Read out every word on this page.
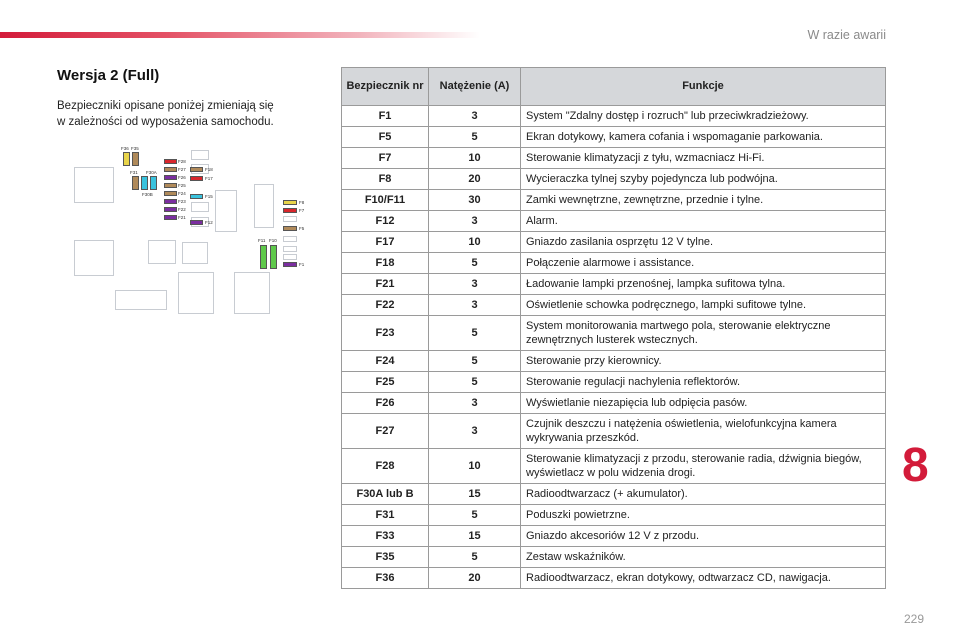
W razie awarii
Wersja 2 (Full)
Bezpieczniki opisane poniżej zmieniają się
w zależności od wyposażenia samochodu.
F36 F35
F31 F30A
F30B
F28
F27
F26
F25
F24
F23
F22
F21
F18
F17
F15
F12
F8
F7
F5
F1
F11 F10
Bezpiecznik nr	Natężenie (A)	Funkcje
F1	3	System "Zdalny dostęp i rozruch" lub przeciwkradzieżowy.
F5	5	Ekran dotykowy, kamera cofania i wspomaganie parkowania.
F7	10	Sterowanie klimatyzacji z tyłu, wzmacniacz Hi-Fi.
F8	20	Wycieraczka tylnej szyby pojedyncza lub podwójna.
F10/F11	30	Zamki wewnętrzne, zewnętrzne, przednie i tylne.
F12	3	Alarm.
F17	10	Gniazdo zasilania osprzętu 12 V tylne.
F18	5	Połączenie alarmowe i assistance.
F21	3	Ładowanie lampki przenośnej, lampka sufitowa tylna.
F22	3	Oświetlenie schowka podręcznego, lampki sufitowe tylne.
F23	5	System monitorowania martwego pola, sterowanie elektryczne zewnętrznych lusterek wstecznych.
F24	5	Sterowanie przy kierownicy.
F25	5	Sterowanie regulacji nachylenia reflektorów.
F26	3	Wyświetlanie niezapięcia lub odpięcia pasów.
F27	3	Czujnik deszczu i natężenia oświetlenia, wielofunkcyjna kamera wykrywania przeszkód.
F28	10	Sterowanie klimatyzacji z przodu, sterowanie radia, dźwignia biegów, wyświetlacz w polu widzenia drogi.
F30A lub B	15	Radioodtwarzacz (+ akumulator).
F31	5	Poduszki powietrzne.
F33	15	Gniazdo akcesoriów 12 V z przodu.
F35	5	Zestaw wskaźników.
F36	20	Radioodtwarzacz, ekran dotykowy, odtwarzacz CD, nawigacja.
8
229
